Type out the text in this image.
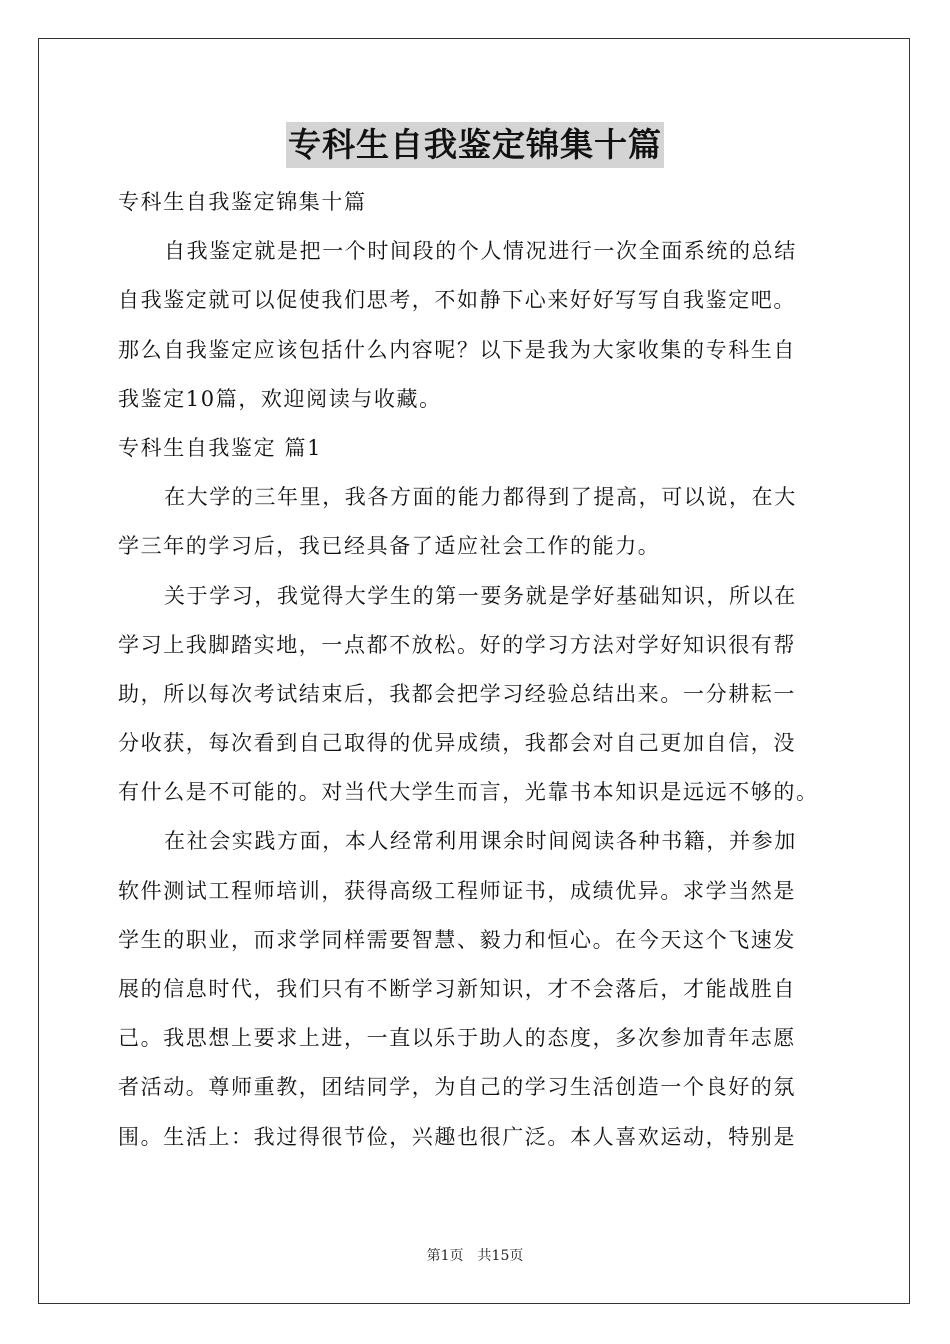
专科生自我鉴定锦集十篇
专科生自我鉴定锦集十篇
自我鉴定就是把一个时间段的个人情况进行一次全面系统的总结
自我鉴定就可以促使我们思考，不如静下心来好好写写自我鉴定吧。
那么自我鉴定应该包括什么内容呢？以下是我为大家收集的专科生自
我鉴定10篇，欢迎阅读与收藏。
专科生自我鉴定 篇1
在大学的三年里，我各方面的能力都得到了提高，可以说，在大
学三年的学习后，我已经具备了适应社会工作的能力。
关于学习，我觉得大学生的第一要务就是学好基础知识，所以在
学习上我脚踏实地，一点都不放松。好的学习方法对学好知识很有帮
助，所以每次考试结束后，我都会把学习经验总结出来。一分耕耘一
分收获，每次看到自己取得的优异成绩，我都会对自己更加自信，没
有什么是不可能的。对当代大学生而言，光靠书本知识是远远不够的。
在社会实践方面，本人经常利用课余时间阅读各种书籍，并参加
软件测试工程师培训，获得高级工程师证书，成绩优异。求学当然是
学生的职业，而求学同样需要智慧、毅力和恒心。在今天这个飞速发
展的信息时代，我们只有不断学习新知识，才不会落后，才能战胜自
己。我思想上要求上进，一直以乐于助人的态度，多次参加青年志愿
者活动。尊师重教，团结同学，为自己的学习生活创造一个良好的氛
围。生活上：我过得很节俭，兴趣也很广泛。本人喜欢运动，特别是
第1页　共15页
